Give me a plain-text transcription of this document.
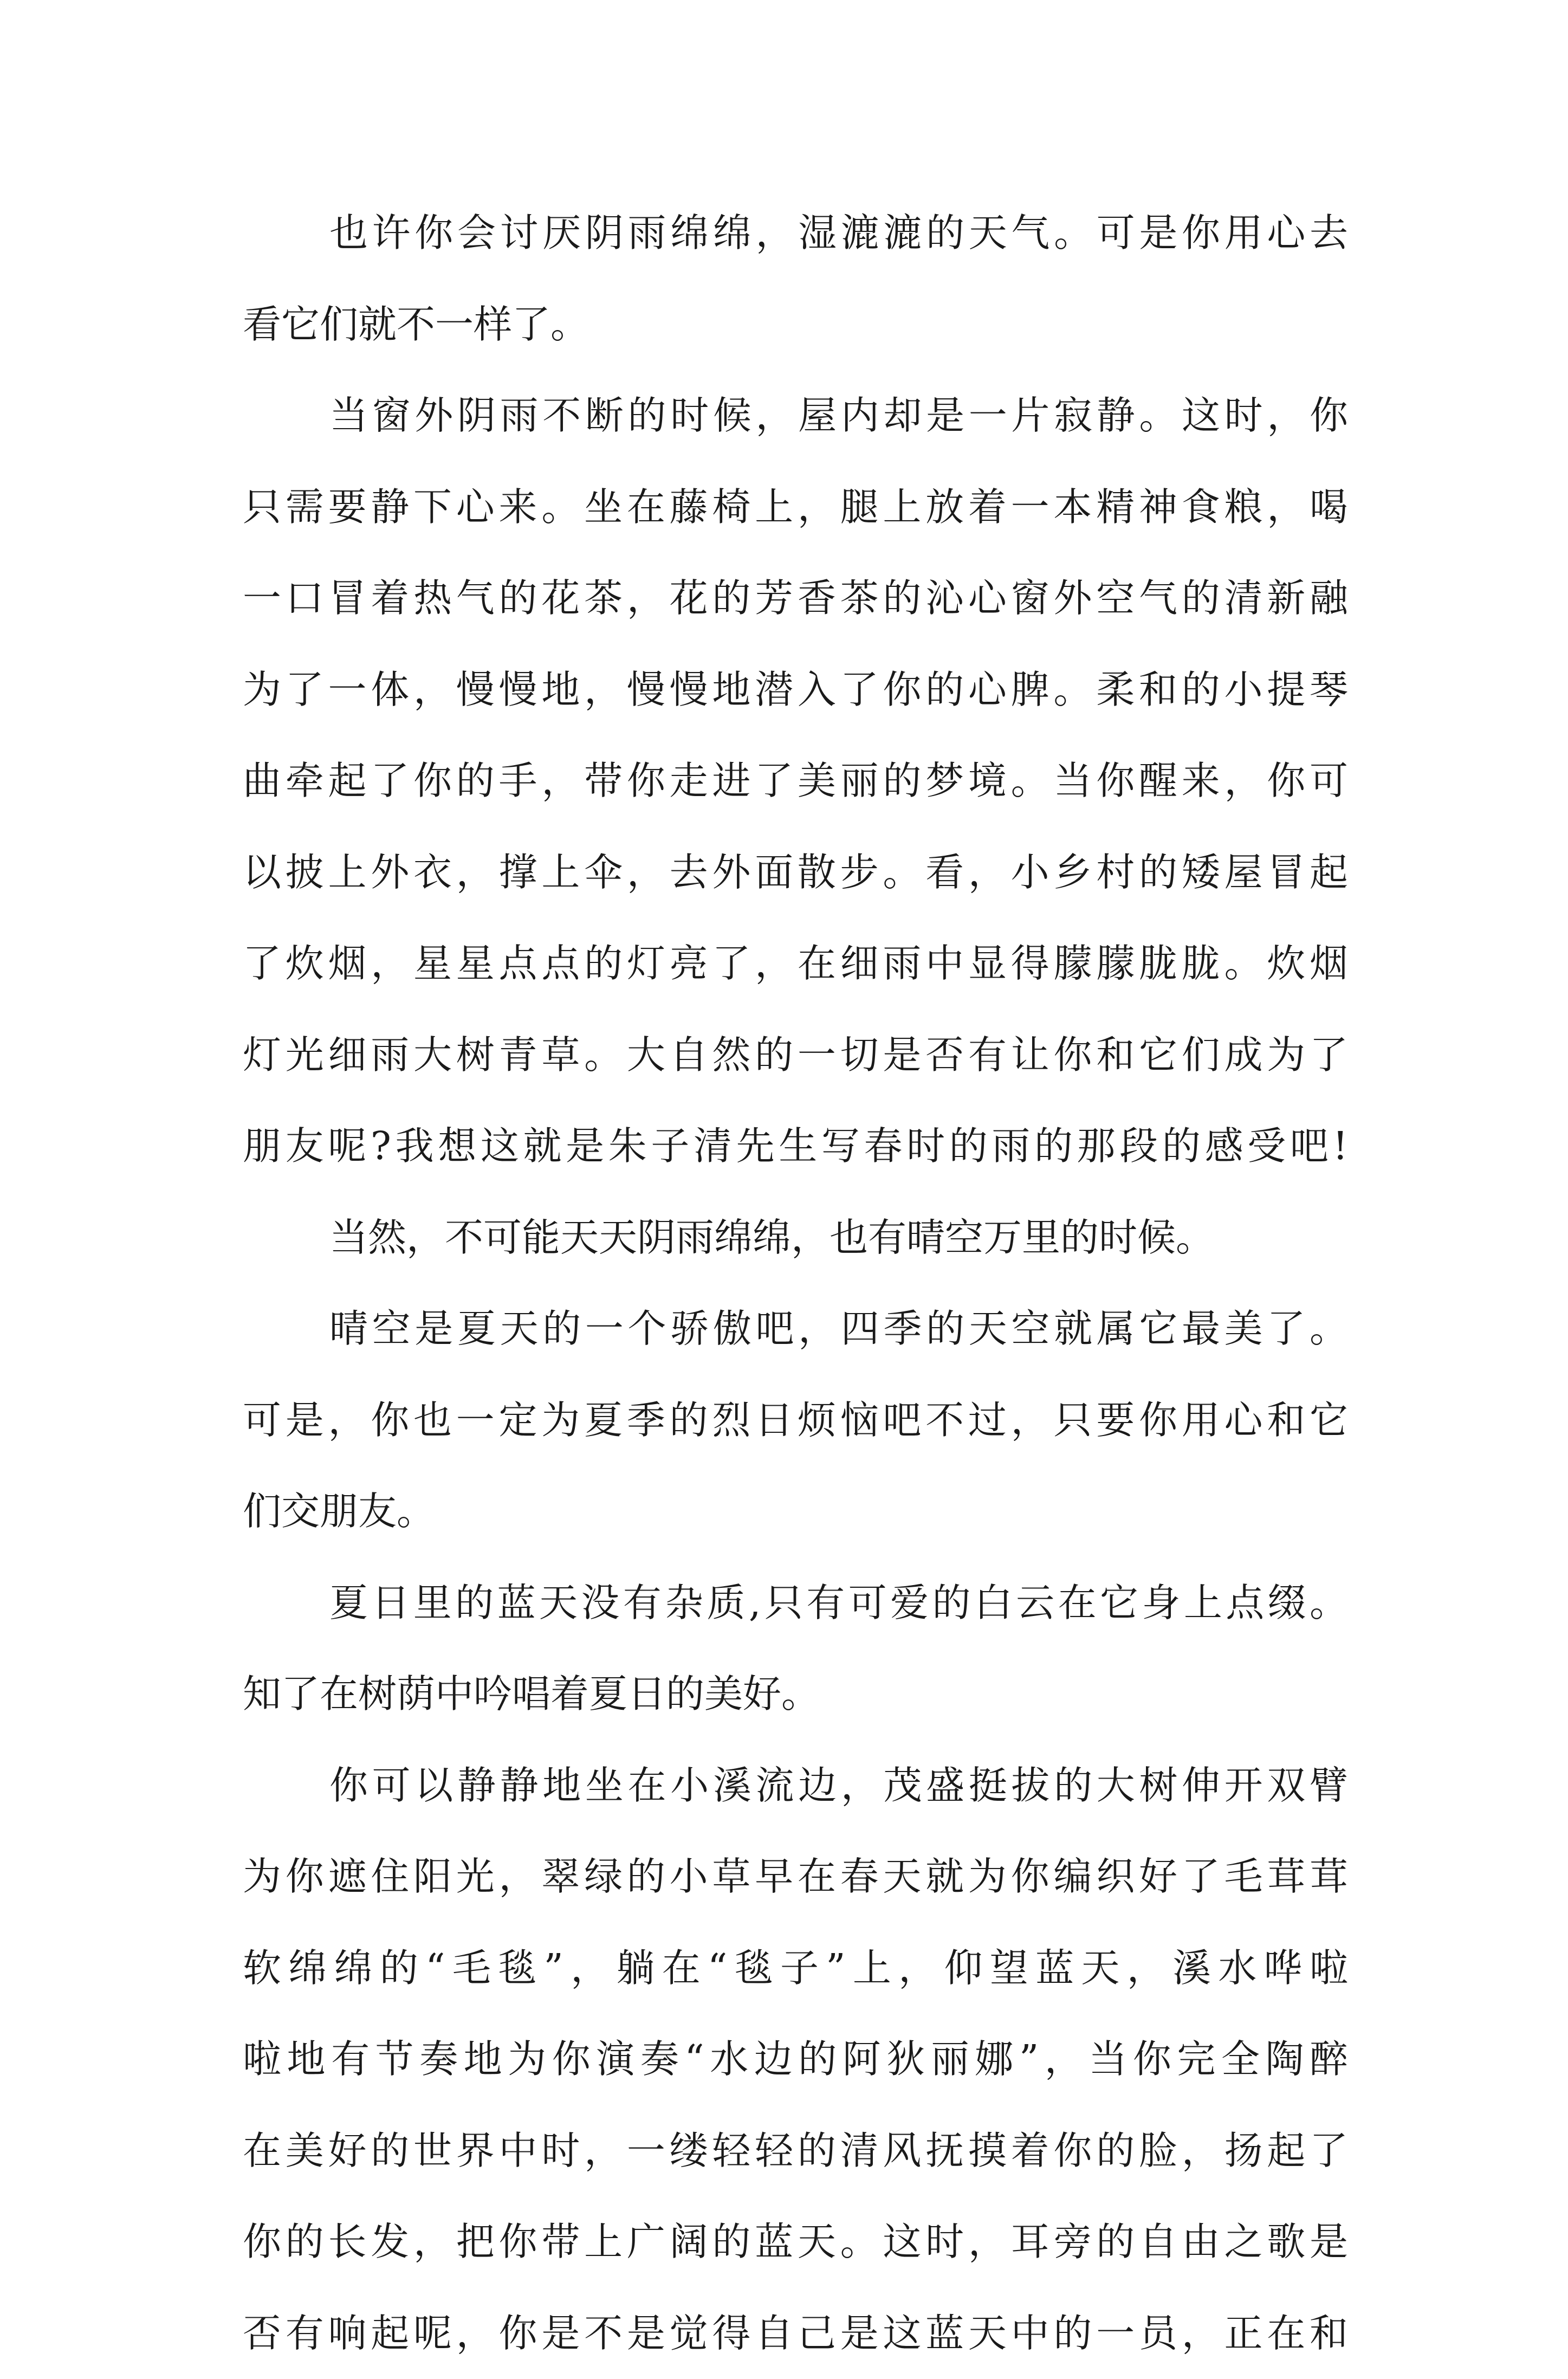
也许你会讨厌阴雨绵绵，湿漉漉的天气。可是你用心去
看它们就不一样了。
当窗外阴雨不断的时候，屋内却是一片寂静。这时，你
只需要静下心来。坐在藤椅上，腿上放着一本精神食粮，喝
一口冒着热气的花茶，花的芳香茶的沁心窗外空气的清新融
为了一体，慢慢地，慢慢地潜入了你的心脾。柔和的小提琴
曲牵起了你的手，带你走进了美丽的梦境。当你醒来，你可
以披上外衣，撑上伞，去外面散步。看，小乡村的矮屋冒起
了炊烟，星星点点的灯亮了，在细雨中显得朦朦胧胧。炊烟
灯光细雨大树青草。大自然的一切是否有让你和它们成为了
朋友呢?我想这就是朱子清先生写春时的雨的那段的感受吧!
当然，不可能天天阴雨绵绵，也有晴空万里的时候。
晴空是夏天的一个骄傲吧，四季的天空就属它最美了。
可是，你也一定为夏季的烈日烦恼吧不过，只要你用心和它
们交朋友。
夏日里的蓝天没有杂质,只有可爱的白云在它身上点缀。
知了在树荫中吟唱着夏日的美好。
你可以静静地坐在小溪流边，茂盛挺拔的大树伸开双臂
为你遮住阳光，翠绿的小草早在春天就为你编织好了毛茸茸
软绵绵的“毛毯”，躺在“毯子”上，仰望蓝天，溪水哗啦
啦地有节奏地为你演奏“水边的阿狄丽娜”，当你完全陶醉
在美好的世界中时，一缕轻轻的清风抚摸着你的脸，扬起了
你的长发，把你带上广阔的蓝天。这时，耳旁的自由之歌是
否有响起呢，你是不是觉得自己是这蓝天中的一员，正在和
